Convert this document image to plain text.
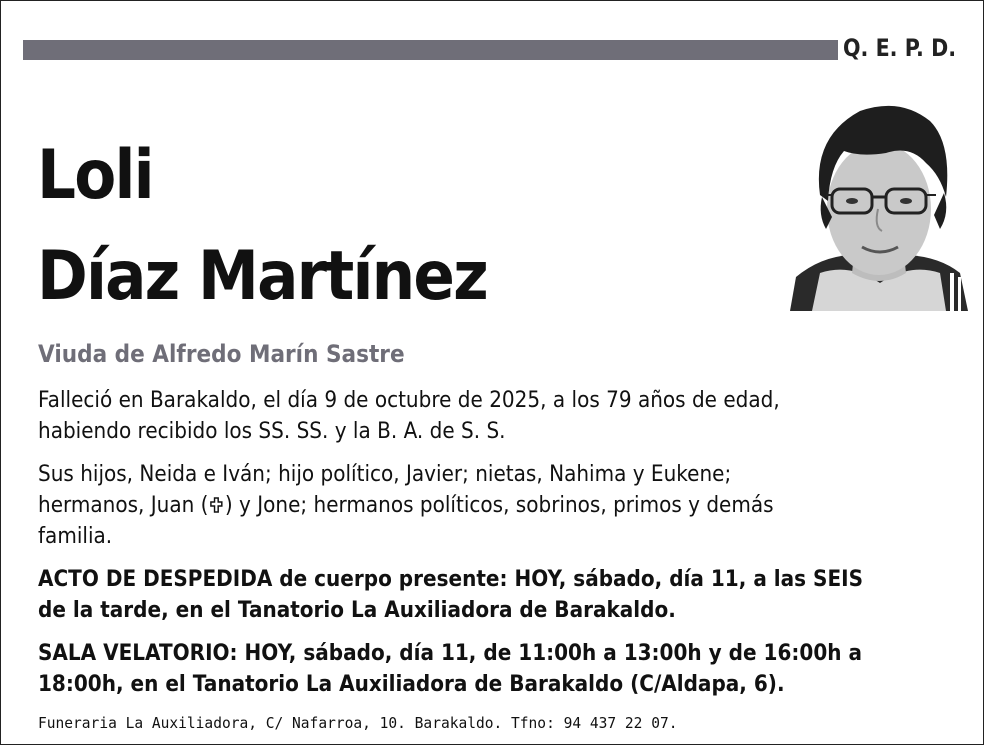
Q. E. P. D.
Loli
Díaz Martínez
Viuda de Alfredo Marín Sastre
Falleció en Barakaldo, el día 9 de octubre de 2025, a los 79 años de edad,
habiendo recibido los SS. SS. y la B. A. de S. S.
Sus hijos, Neida e Iván; hijo político, Javier; nietas, Nahima y Eukene;
hermanos, Juan ( ) y Jone; hermanos políticos, sobrinos, primos y demás
familia.
ACTO DE DESPEDIDA de cuerpo presente: HOY, sábado, día 11, a las SEIS
de la tarde, en el Tanatorio La Auxiliadora de Barakaldo.
SALA VELATORIO: HOY, sábado, día 11, de 11:00h a 13:00h y de 16:00h a
18:00h, en el Tanatorio La Auxiliadora de Barakaldo (C/Aldapa, 6).
Funeraria La Auxiliadora, C/ Nafarroa, 10. Barakaldo. Tfno: 94 437 22 07.
